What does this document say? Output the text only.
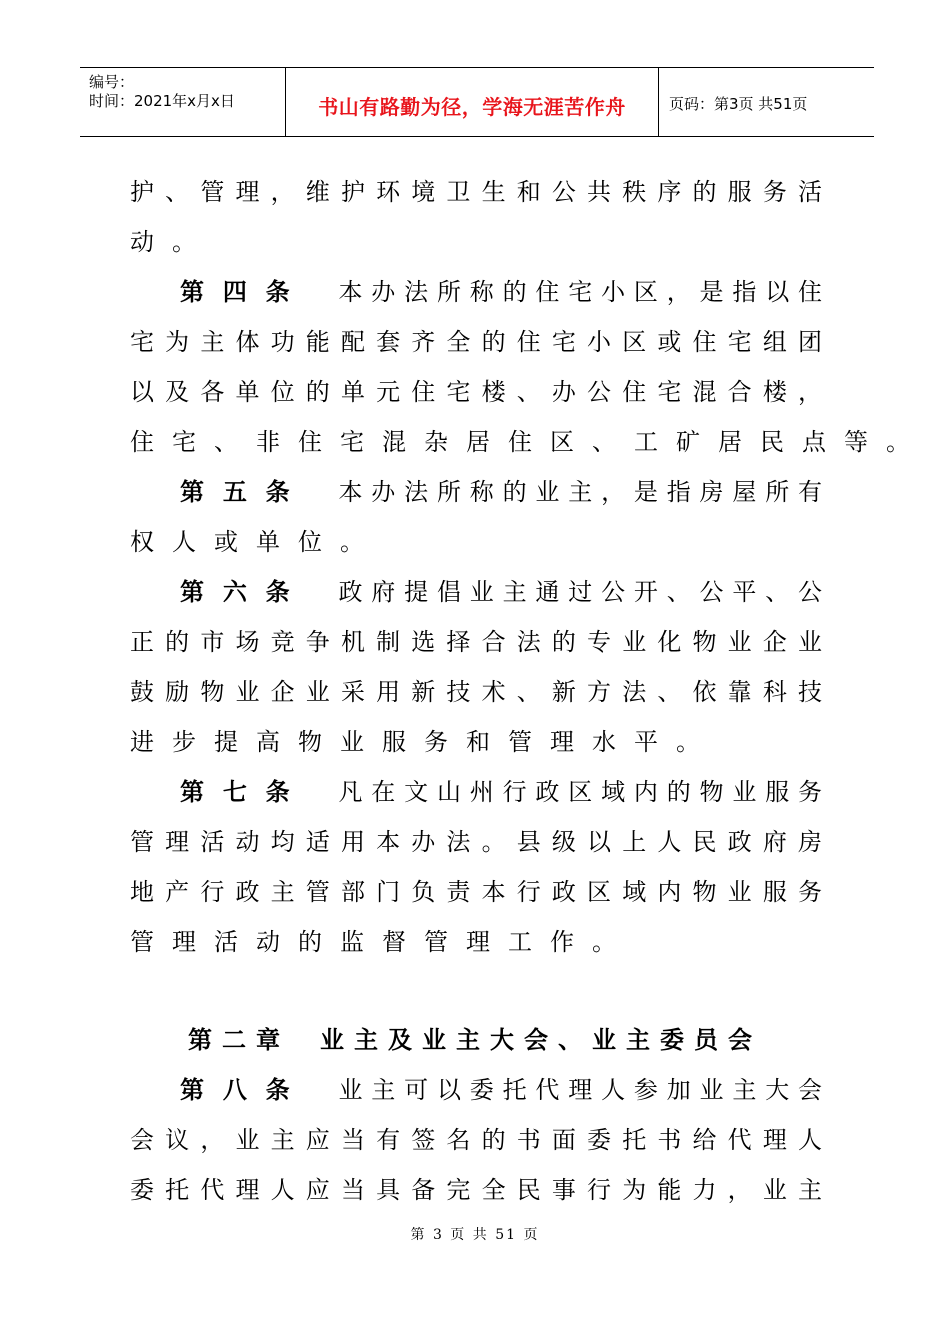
编号：
时间：2021年x月x日	书山有路勤为径，学海无涯苦作舟	页码：第3页 共51页
护、管理，维护环境卫生和公共秩序的服务活
动。
第四条 本办法所称的住宅小区，是指以住
宅为主体功能配套齐全的住宅小区或住宅组团
以及各单位的单元住宅楼、办公住宅混合楼，
住宅、非住宅混杂居住区、工矿居民点等。
第五条 本办法所称的业主，是指房屋所有
权人或单位。
第六条 政府提倡业主通过公开、公平、公
正的市场竞争机制选择合法的专业化物业企业
鼓励物业企业采用新技术、新方法、依靠科技
进步提高物业服务和管理水平。
第七条 凡在文山州行政区域内的物业服务
管理活动均适用本办法。县级以上人民政府房
地产行政主管部门负责本行政区域内物业服务
管理活动的监督管理工作。
第二章 业主及业主大会、业主委员会
第八条 业主可以委托代理人参加业主大会
会议，业主应当有签名的书面委托书给代理人
委托代理人应当具备完全民事行为能力，业主
第 3 页 共 51 页
